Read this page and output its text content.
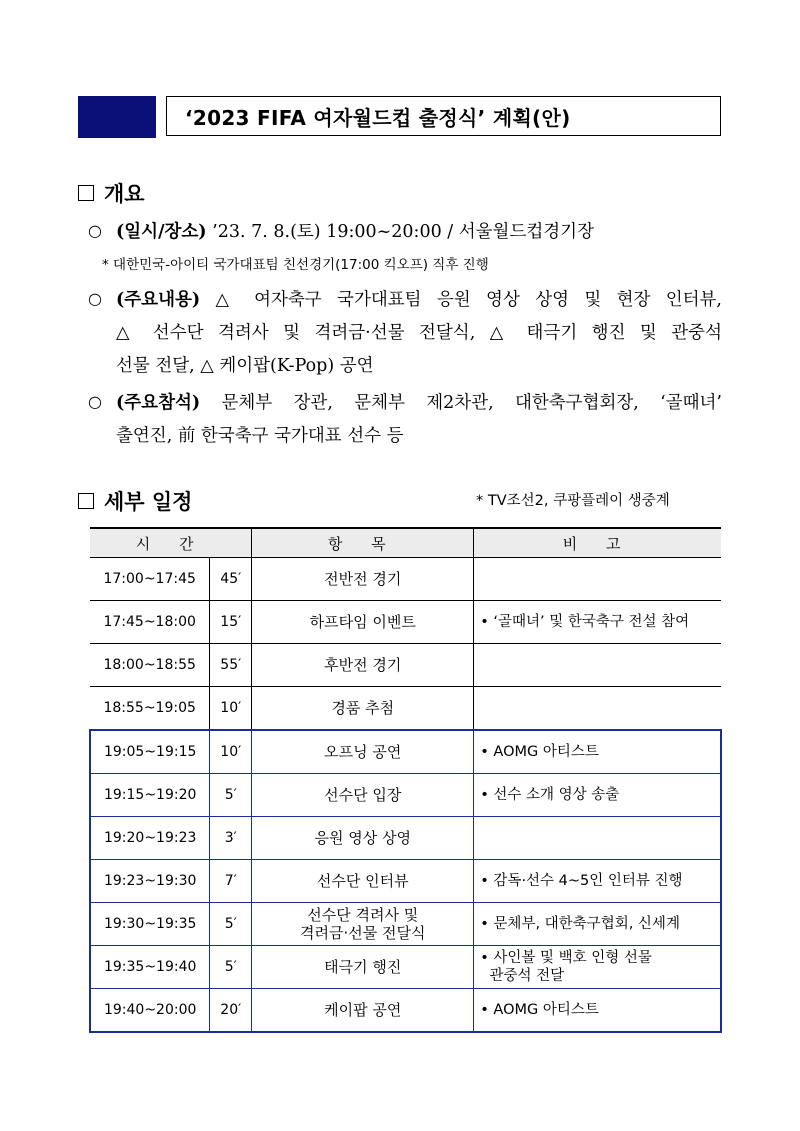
‘2023 FIFA 여자월드컵 출정식’ 계획(안)
개요
○ (일시/장소) ’23. 7. 8.(토) 19:00~20:00 / 서울월드컵경기장
* 대한민국-아이티 국가대표팀 친선경기(17:00 킥오프) 직후 진행
○ (주요내용) △ 여자축구 국가대표팀 응원 영상 상영 및 현장 인터뷰,
△ 선수단 격려사 및 격려금·선물 전달식, △ 태극기 행진 및 관중석
선물 전달, △ 케이팝(K-Pop) 공연
○ (주요참석) 문체부 장관, 문체부 제2차관, 대한축구협회장, ‘골때녀’
출연진, 前 한국축구 국가대표 선수 등
세부 일정	* TV조선2, 쿠팡플레이 생중계
시 간		항 목	비 고
17:00~17:45	45′	전반전 경기	
17:45~18:00	15′	하프타임 이벤트	• ‘골때녀’ 및 한국축구 전설 참여
18:00~18:55	55′	후반전 경기	
18:55~19:05	10′	경품 추첨	
19:05~19:15	10′	오프닝 공연	• AOMG 아티스트
19:15~19:20	5′	선수단 입장	• 선수 소개 영상 송출
19:20~19:23	3′	응원 영상 상영	
19:23~19:30	7′	선수단 인터뷰	• 감독·선수 4~5인 인터뷰 진행
19:30~19:35	5′	선수단 격려사 및
격려금·선물 전달식	• 문체부, 대한축구협회, 신세계
19:35~19:40	5′	태극기 행진	• 사인볼 및 백호 인형 선물
관중석 전달

19:40~20:00	20′	케이팝 공연	• AOMG 아티스트
